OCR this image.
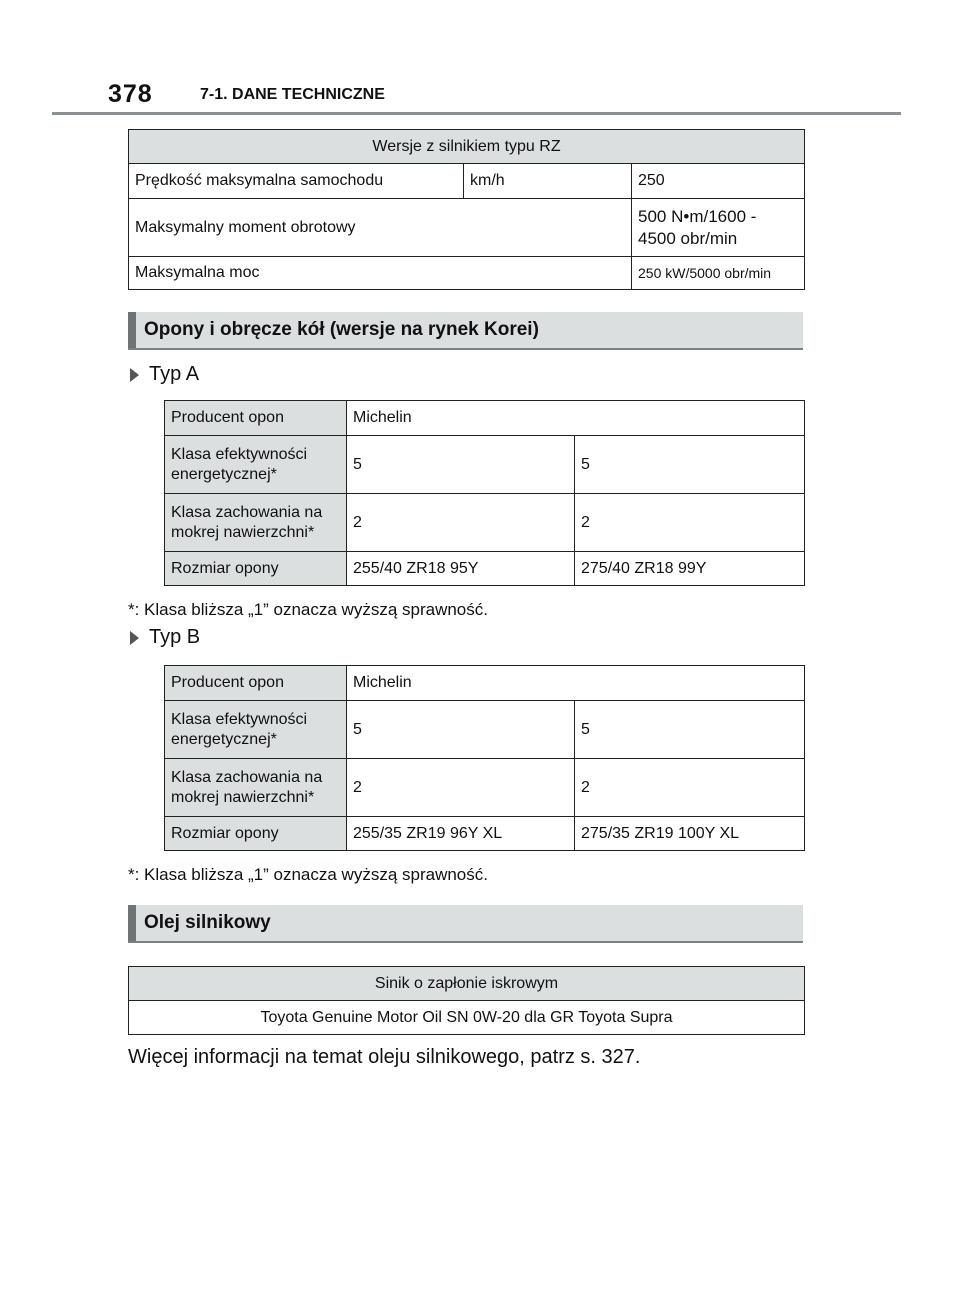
378	7-1. DANE TECHNICZNE
Wersje z silnikiem typu RZ		
Prędkość maksymalna samochodu	km/h	250
Maksymalny moment obrotowy		500 N•m/1600 - 4500 obr/min
Maksymalna moc		250 kW/5000 obr/min
Opony i obręcze kół (wersje na rynek Korei)
Typ A
Producent opon	Michelin	
Klasa efektywności energetycznej*	5	5
Klasa zachowania na mokrej nawierzchni*	2	2
Rozmiar opony	255/40 ZR18 95Y	275/40 ZR18 99Y
*: Klasa bliższa „1” oznacza wyższą sprawność.
Typ B
Producent opon	Michelin	
Klasa efektywności energetycznej*	5	5
Klasa zachowania na mokrej nawierzchni*	2	2
Rozmiar opony	255/35 ZR19 96Y XL	275/35 ZR19 100Y XL
*: Klasa bliższa „1” oznacza wyższą sprawność.
Olej silnikowy
Sinik o zapłonie iskrowym
Toyota Genuine Motor Oil SN 0W-20 dla GR Toyota Supra
Więcej informacji na temat oleju silnikowego, patrz s. 327.
